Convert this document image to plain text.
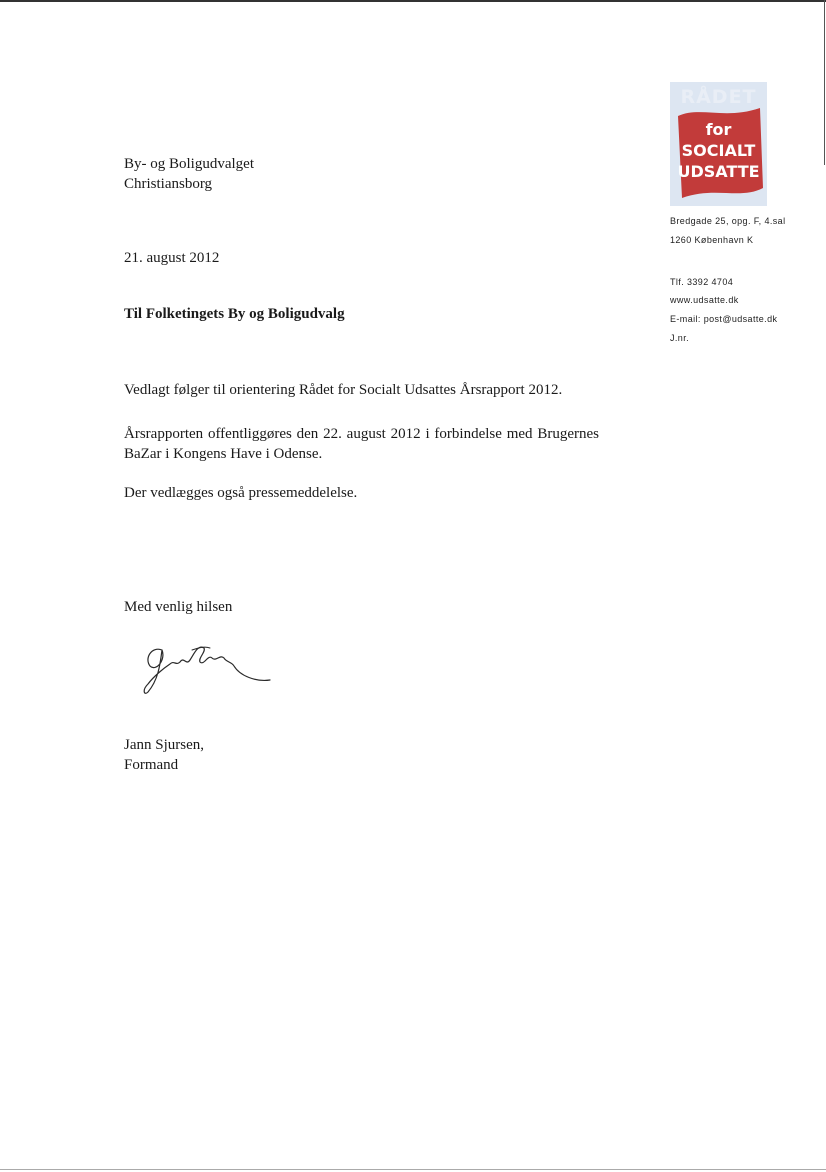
RÅDET
for
SOCIALT
UDSATTE
Bredgade 25, opg. F, 4.sal
1260 København K
Tlf. 3392 4704
www.udsatte.dk
E-mail: post@udsatte.dk
J.nr.
By- og Boligudvalget
Christiansborg
21. august 2012
Til Folketingets By og Boligudvalg
Vedlagt følger til orientering Rådet for Socialt Udsattes Årsrapport 2012.
Årsrapporten offentliggøres den 22. august 2012 i forbindelse med Brugernes BaZar i Kongens Have i Odense.
Der vedlægges også pressemeddelelse.
Med venlig hilsen
Jann Sjursen,
Formand
